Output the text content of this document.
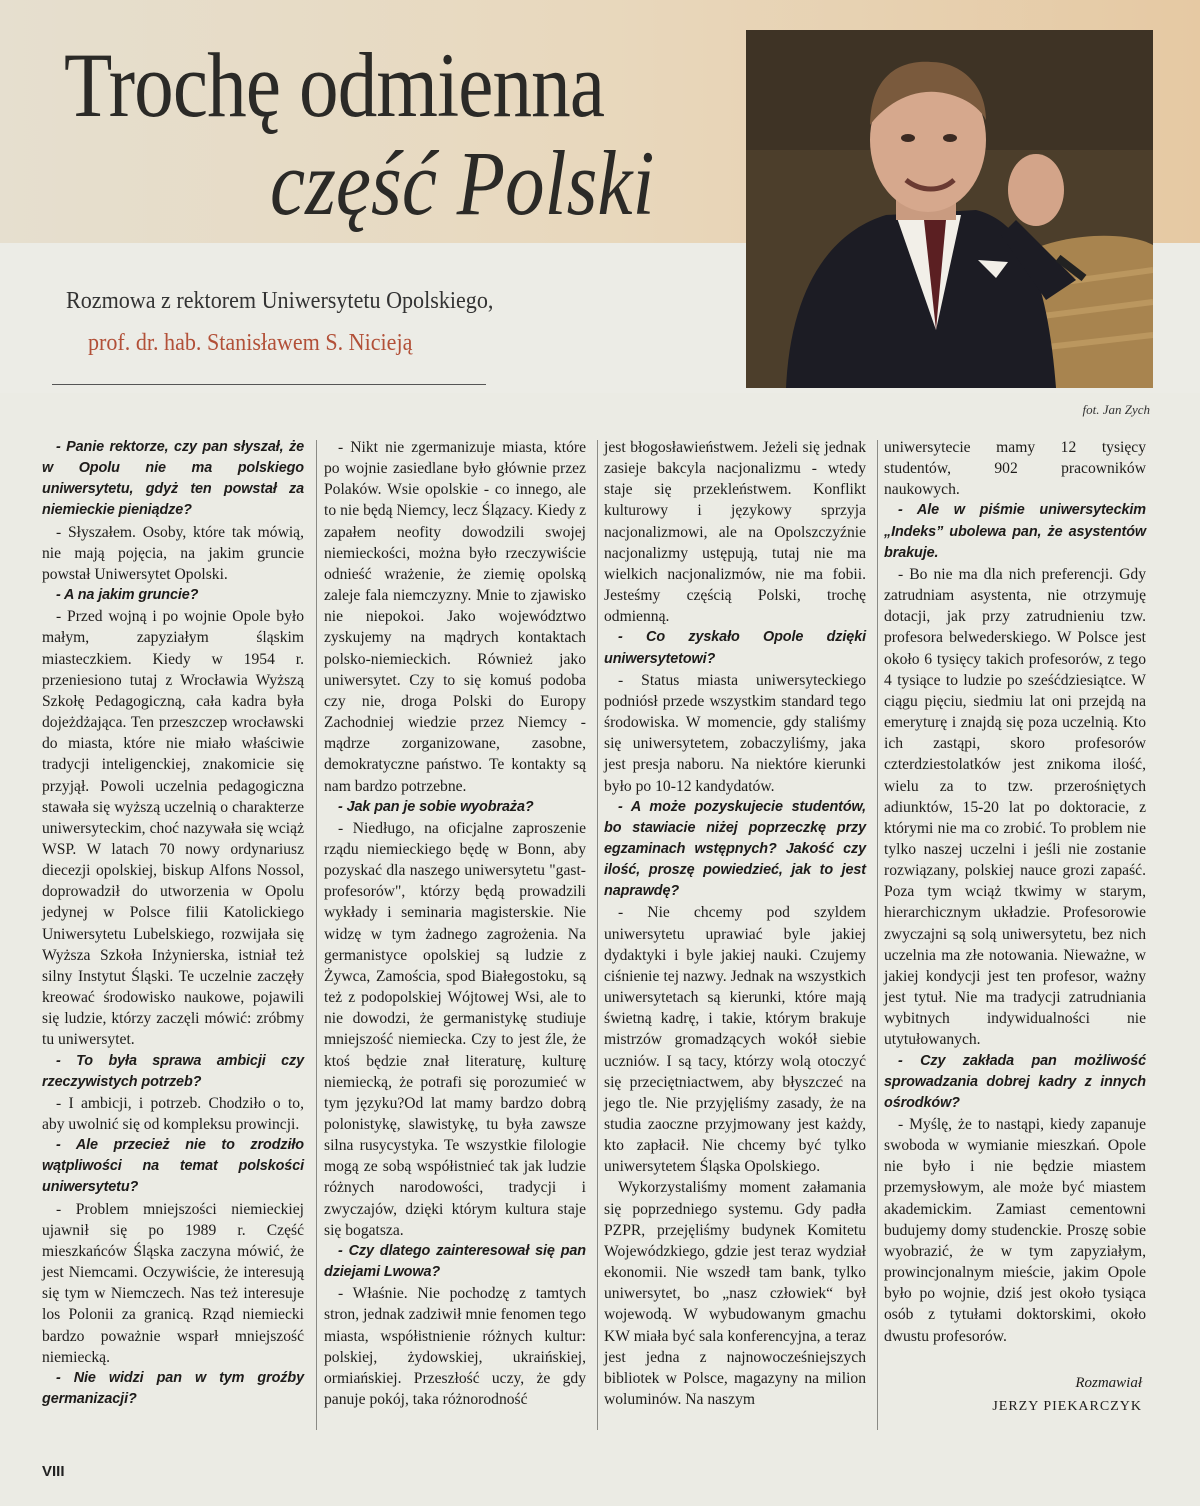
Trochę odmienna
część Polski
fot. Jan Zych
Rozmowa z rektorem Uniwersytetu Opolskiego,
prof. dr. hab. Stanisławem S. Nicieją

- Panie rektorze, czy pan słyszał, że w Opolu nie ma polskiego uniwersytetu, gdyż ten powstał za niemieckie pieniądze?

- Słyszałem. Osoby, które tak mówią, nie mają pojęcia, na jakim gruncie powstał Uniwersytet Opolski.

- A na jakim gruncie?

- Przed wojną i po wojnie Opole było małym, zapyziałym śląskim miasteczkiem. Kiedy w 1954 r. przeniesiono tutaj z Wrocławia Wyższą Szkołę Pedagogiczną, cała kadra była dojeżdżająca. Ten przeszczep wrocławski do miasta, które nie miało właściwie tradycji inteligenckiej, znakomicie się przyjął. Powoli uczelnia pedagogiczna stawała się wyższą uczelnią o charakterze uniwersyteckim, choć nazywała się wciąż WSP. W latach 70 nowy ordynariusz diecezji opolskiej, biskup Alfons Nossol, doprowadził do utworzenia w Opolu jedynej w Polsce filii Katolickiego Uniwersytetu Lubelskiego, rozwijała się Wyższa Szkoła Inżynierska, istniał też silny Instytut Śląski. Te uczelnie zaczęły kreować środowisko naukowe, pojawili się ludzie, którzy zaczęli mówić: zróbmy tu uniwersytet.

- To była sprawa ambicji czy rzeczywistych potrzeb?

- I ambicji, i potrzeb. Chodziło o to, aby uwolnić się od kompleksu prowincji.

- Ale przecież nie to zrodziło wątpliwości na temat polskości uniwersytetu?

- Problem mniejszości niemieckiej ujawnił się po 1989 r. Część mieszkańców Śląska zaczyna mówić, że jest Niemcami. Oczywiście, że interesują się tym w Niemczech. Nas też interesuje los Polonii za granicą. Rząd niemiecki bardzo poważnie wsparł mniejszość niemiecką.

- Nie widzi pan w tym groźby germanizacji?

- Nikt nie zgermanizuje miasta, które po wojnie zasiedlane było głównie przez Polaków. Wsie opolskie - co innego, ale to nie będą Niemcy, lecz Ślązacy. Kiedy z zapałem neofity dowodzili swojej niemieckości, można było rzeczywiście odnieść wrażenie, że ziemię opolską zaleje fala niemczyzny. Mnie to zjawisko nie niepokoi. Jako województwo zyskujemy na mądrych kontaktach polsko-niemieckich. Również jako uniwersytet. Czy to się komuś podoba czy nie, droga Polski do Europy Zachodniej wiedzie przez Niemcy - mądrze zorganizowane, zasobne, demokratyczne państwo. Te kontakty są nam bardzo potrzebne.

- Jak pan je sobie wyobraża?

- Niedługo, na oficjalne zaproszenie rządu niemieckiego będę w Bonn, aby pozyskać dla naszego uniwersytetu "gast-profesorów", którzy będą prowadzili wykłady i seminaria magisterskie. Nie widzę w tym żadnego zagrożenia. Na germanistyce opolskiej są ludzie z Żywca, Zamościa, spod Białegostoku, są też z podopolskiej Wójtowej Wsi, ale to nie dowodzi, że germanistykę studiuje mniejszość niemiecka. Czy to jest źle, że ktoś będzie znał literaturę, kulturę niemiecką, że potrafi się porozumieć w tym języku?Od lat mamy bardzo dobrą polonistykę, slawistykę, tu była zawsze silna rusycystyka. Te wszystkie filologie mogą ze sobą współistnieć tak jak ludzie różnych narodowości, tradycji i zwyczajów, dzięki którym kultura staje się bogatsza.

- Czy dlatego zainteresował się pan dziejami Lwowa?

- Właśnie. Nie pochodzę z tamtych stron, jednak zadziwił mnie fenomen tego miasta, współistnienie różnych kultur: polskiej, żydowskiej, ukraińskiej, ormiańskiej. Przeszłość uczy, że gdy panuje pokój, taka różnorodność

jest błogosławieństwem. Jeżeli się jednak zasieje bakcyla nacjonalizmu - wtedy staje się przekleństwem. Konflikt kulturowy i językowy sprzyja nacjonalizmowi, ale na Opolszczyźnie nacjonalizmy ustępują, tutaj nie ma wielkich nacjonalizmów, nie ma fobii. Jesteśmy częścią Polski, trochę odmienną.

- Co zyskało Opole dzięki uniwersytetowi?

- Status miasta uniwersyteckiego podniósł przede wszystkim standard tego środowiska. W momencie, gdy staliśmy się uniwersytetem, zobaczyliśmy, jaka jest presja naboru. Na niektóre kierunki było po 10-12 kandydatów.

- A może pozyskujecie studentów, bo stawiacie niżej poprzeczkę przy egzaminach wstępnych? Jakość czy ilość, proszę powiedzieć, jak to jest naprawdę?

- Nie chcemy pod szyldem uniwersytetu uprawiać byle jakiej dydaktyki i byle jakiej nauki. Czujemy ciśnienie tej nazwy. Jednak na wszystkich uniwersytetach są kierunki, które mają świetną kadrę, i takie, którym brakuje mistrzów gromadzących wokół siebie uczniów. I są tacy, którzy wolą otoczyć się przeciętniactwem, aby błyszczeć na jego tle. Nie przyjęliśmy zasady, że na studia zaoczne przyjmowany jest każdy, kto zapłacił. Nie chcemy być tylko uniwersytetem Śląska Opolskiego.

Wykorzystaliśmy moment załamania się poprzedniego systemu. Gdy padła PZPR, przejęliśmy budynek Komitetu Wojewódzkiego, gdzie jest teraz wydział ekonomii. Nie wszedł tam bank, tylko uniwersytet, bo „nasz człowiek“ był wojewodą. W wybudowanym gmachu KW miała być sala konferencyjna, a teraz jest jedna z najnowocześniejszych bibliotek w Polsce, magazyny na milion woluminów. Na naszym

uniwersytecie mamy 12 tysięcy studentów, 902 pracowników naukowych.

- Ale w piśmie uniwersyteckim „Indeks” ubolewa pan, że asystentów brakuje.

- Bo nie ma dla nich preferencji. Gdy zatrudniam asystenta, nie otrzymuję dotacji, jak przy zatrudnieniu tzw. profesora belwederskiego. W Polsce jest około 6 tysięcy takich profesorów, z tego 4 tysiące to ludzie po sześćdziesiątce. W ciągu pięciu, siedmiu lat oni przejdą na emeryturę i znajdą się poza uczelnią. Kto ich zastąpi, skoro profesorów czterdziestolatków jest znikoma ilość, wielu za to tzw. przerośniętych adiunktów, 15-20 lat po doktoracie, z którymi nie ma co zrobić. To problem nie tylko naszej uczelni i jeśli nie zostanie rozwiązany, polskiej nauce grozi zapaść. Poza tym wciąż tkwimy w starym, hierarchicznym układzie. Profesorowie zwyczajni są solą uniwersytetu, bez nich uczelnia ma złe notowania. Nieważne, w jakiej kondycji jest ten profesor, ważny jest tytuł. Nie ma tradycji zatrudniania wybitnych indywidualności nie utytułowanych.

- Czy zakłada pan możliwość sprowadzania dobrej kadry z innych ośrodków?

- Myślę, że to nastąpi, kiedy zapanuje swoboda w wymianie mieszkań. Opole nie było i nie będzie miastem przemysłowym, ale może być miastem akademickim. Zamiast cementowni budujemy domy studenckie. Proszę sobie wyobrazić, że w tym zapyziałym, prowincjonalnym mieście, jakim Opole było po wojnie, dziś jest około tysiąca osób z tytułami doktorskimi, około dwustu profesorów.

Rozmawiał
JERZY PIEKARCZYK
VIII
